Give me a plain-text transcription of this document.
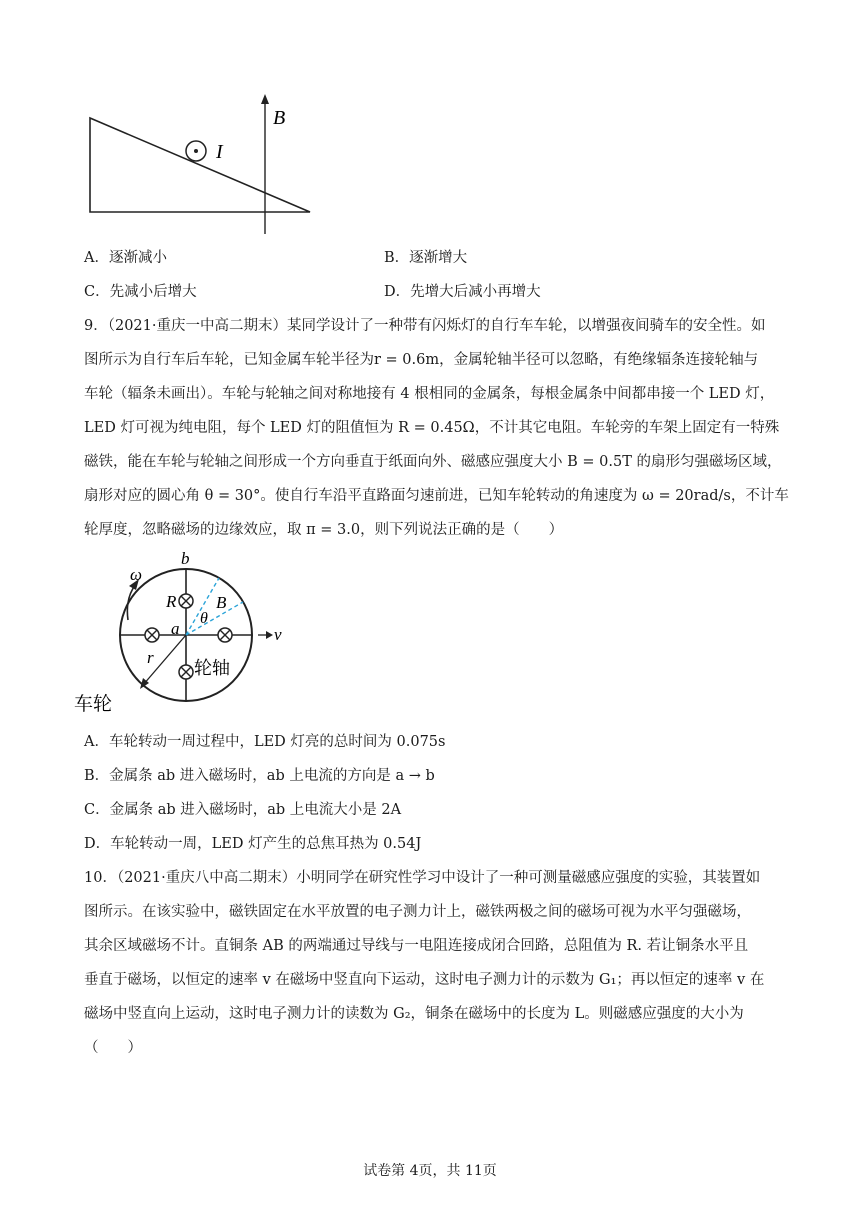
B
I
A．逐渐减小	B．逐渐增大
C．先减小后增大	D．先增大后减小再增大
9．（2021·重庆一中高二期末）某同学设计了一种带有闪烁灯的自行车车轮，以增强夜间骑车的安全性。如
图所示为自行车后车轮，已知金属车轮半径为r = 0.6m，金属轮轴半径可以忽略，有绝缘辐条连接轮轴与
车轮（辐条未画出）。车轮与轮轴之间对称地接有 4 根相同的金属条，每根金属条中间都串接一个 LED 灯，
LED 灯可视为纯电阻，每个 LED 灯的阻值恒为 R = 0.45Ω，不计其它电阻。车轮旁的车架上固定有一特殊
磁铁，能在车轮与轮轴之间形成一个方向垂直于纸面向外、磁感应强度大小 B = 0.5T 的扇形匀强磁场区域，
扇形对应的圆心角 θ = 30°。使自行车沿平直路面匀速前进，已知车轮转动的角速度为 ω = 20rad/s，不计车
轮厚度，忽略磁场的边缘效应，取 π = 3.0，则下列说法正确的是（　　）
ω
b
R B
θ
a	v
r
轮轴
车轮
A．车轮转动一周过程中，LED 灯亮的总时间为 0.075s
B．金属条 ab 进入磁场时，ab 上电流的方向是 a → b
C．金属条 ab 进入磁场时，ab 上电流大小是 2A
D．车轮转动一周，LED 灯产生的总焦耳热为 0.54J
10．（2021·重庆八中高二期末）小明同学在研究性学习中设计了一种可测量磁感应强度的实验，其装置如
图所示。在该实验中，磁铁固定在水平放置的电子测力计上，磁铁两极之间的磁场可视为水平匀强磁场，
其余区域磁场不计。直铜条 AB 的两端通过导线与一电阻连接成闭合回路，总阻值为 R. 若让铜条水平且
垂直于磁场，以恒定的速率 v 在磁场中竖直向下运动，这时电子测力计的示数为 G₁；再以恒定的速率 v 在
磁场中竖直向上运动，这时电子测力计的读数为 G₂，铜条在磁场中的长度为 L。则磁感应强度的大小为
（　　）
试卷第 4页，共 11页
